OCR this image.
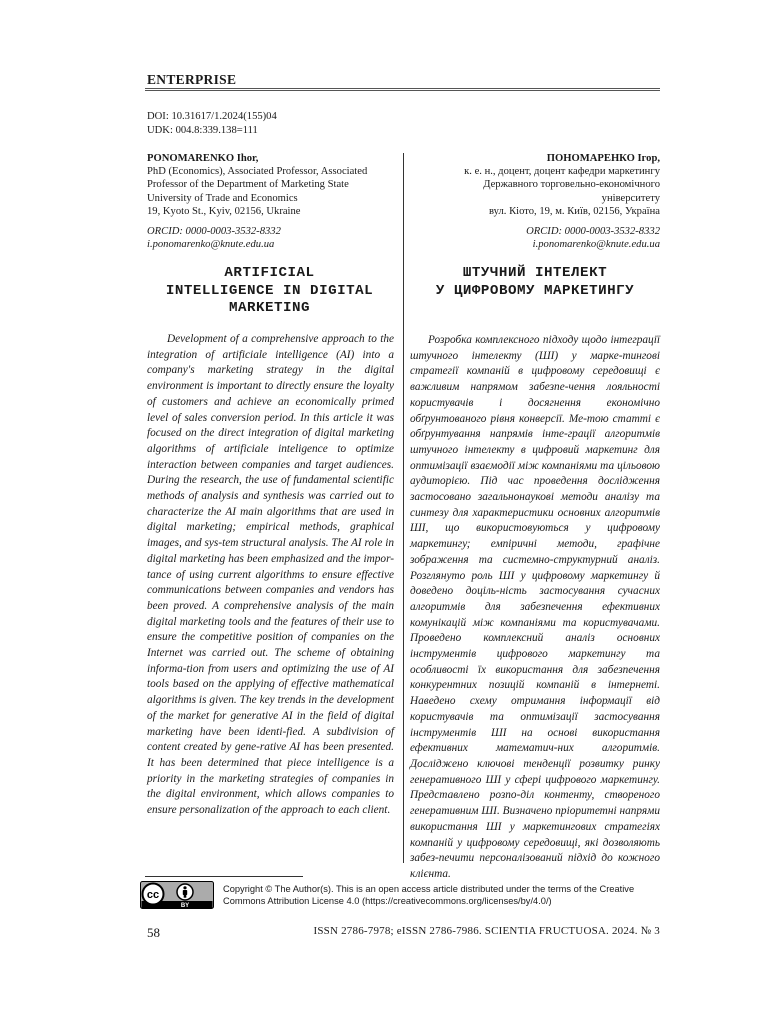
ENTERPRISE
DOI: 10.31617/1.2024(155)04
UDK: 004.8:339.138=111
PONOMARENKO Ihor,
PhD (Economics), Associated Professor, Associated
Professor of the Department of Marketing State
University of Trade and Economics
19, Kyoto St., Kyiv, 02156, Ukraine
ПОНОМАРЕНКО Ігор,
к. е. н., доцент, доцент кафедри маркетингу
Державного торговельно-економічного
університету
вул. Кіото, 19, м. Київ, 02156, Україна
ORCID: 0000-0003-3532-8332
i.ponomarenko@knute.edu.ua
ORCID: 0000-0003-3532-8332
i.ponomarenko@knute.edu.ua
ARTIFICIAL
INTELLIGENCE IN DIGITAL
MARKETING
ШТУЧНИЙ ІНТЕЛЕКТ
У ЦИФРОВОМУ МАРКЕТИНГУ
Development of a comprehensive approach to the integration of artificiale intelligence (AI) into a company's marketing strategy in the digital environment is important to directly ensure the loyalty of customers and achieve an economically primed level of sales conversion period. In this article it was focused on the direct integration of digital marketing algorithms of artificiale inteligence to optimize interaction between companies and target audiences. During the research, the use of fundamental scientific methods of analysis and synthesis was carried out to characterize the AI main algorithms that are used in digital marketing; empirical methods, graphical images, and sys-tem structural analysis. The AI role in digital marketing has been emphasized and the impor-tance of using current algorithms to ensure effective communications between companies and vendors has been proved. A comprehensive analysis of the main digital marketing tools and the features of their use to ensure the competitive position of companies on the Internet was carried out. The scheme of obtaining informa-tion from users and optimizing the use of AI tools based on the applying of effective mathematical algorithms is given. The key trends in the development of the market for generative AI in the field of digital marketing have been identi-fied. A subdivision of content created by gene-rative AI has been presented. It has been determined that piece intelligence is a priority in the marketing strategies of companies in the digital environment, which allows companies to ensure personalization of the approach to each client.
Розробка комплексного підходу щодо інтеграції штучного інтелекту (ШІ) у марке-тингові стратегії компаній в цифровому середовищі є важливим напрямом забезпе-чення лояльності користувачів і досягнення економічно обґрунтованого рівня конверсії. Ме-тою статті є обґрунтування напрямів інте-грації алгоритмів штучного інтелекту в цифровий маркетинг для оптимізації взаємодії між компаніями та цільовою аудиторією. Під час проведення дослідження застосовано загальнонаукові методи аналізу та синтезу для характеристики основних алгоритмів ШІ, що використовуються у цифровому маркетингу; емпіричні методи, графічне зображення та системно-структурний аналіз. Розглянуто роль ШІ у цифровому маркетингу й доведено доціль-ність застосування сучасних алгоритмів для забезпечення ефективних комунікацій між компаніями та користувачами. Проведено комплексний аналіз основних інструментів цифрового маркетингу та особливості їх використання для забезпечення конкурентних позицій компаній в інтернеті. Наведено схему отримання інформації від користувачів та оптимізації застосування інструментів ШІ на основі використання ефективних математич-них алгоритмів. Досліджено ключові тенденції розвитку ринку генеративного ШІ у сфері цифрового маркетингу. Представлено розпо-діл контенту, створеного генеративним ШІ. Визначено пріоритетні напрями використання ШІ у маркетингових стратегіях компаній у цифровому середовищі, які дозволяють забез-печити персоналізований підхід до кожного клієнта.
cc
BY
Copyright © The Author(s). This is an open access article distributed under the terms of the Creative Commons Attribution License 4.0 (https://creativecommons.org/licenses/by/4.0/)
58	ISSN 2786-7978; eISSN 2786-7986. SCIENTIA FRUCTUOSA. 2024. № 3
